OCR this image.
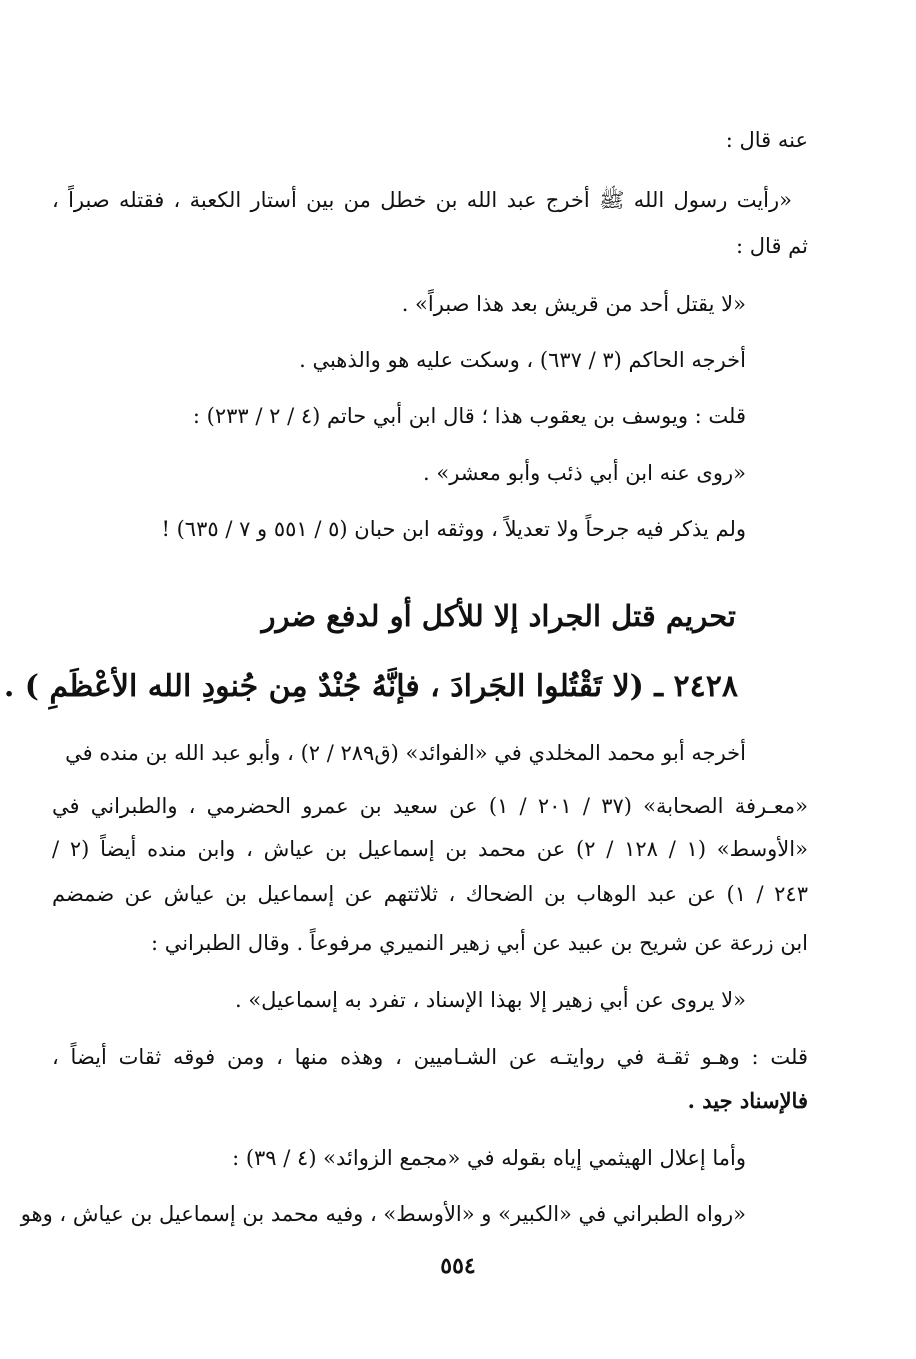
عنه قال :
«رأيت رسول الله ﷺ أخرج عبد الله بن خطل من بين أستار الكعبة ، فقتله صبراً ،
ثم قال :
«لا يقتل أحد من قريش بعد هذا صبراً» .
أخرجه الحاكم (٣ / ٦٣٧) ، وسكت عليه هو والذهبي .
قلت : ويوسف بن يعقوب هذا ؛ قال ابن أبي حاتم (٤ / ٢ / ٢٣٣) :
«روى عنه ابن أبي ذئب وأبو معشر» .
ولم يذكر فيه جرحاً ولا تعديلاً ، ووثقه ابن حبان (٥ / ٥٥١ و ٧ / ٦٣٥) !
تحريم قتل الجراد إلا للأكل أو لدفع ضرر
٢٤٢٨ ـ (لا تَقْتُلوا الجَرادَ ، فإنَّهُ جُنْدٌ مِن جُنودِ الله الأعْظَمِ ) .
أخرجه أبو محمد المخلدي في «الفوائد» (ق٢٨٩ / ٢) ، وأبو عبد الله بن منده في
«معـرفة الصحابة» (٣٧ / ٢٠١ / ١) عن سعيد بن عمرو الحضرمي ، والطبراني في
«الأوسط» (١ / ١٢٨ / ٢) عن محمد بن إسماعيل بن عياش ، وابن منده أيضاً (٢ /
٢٤٣ / ١) عن عبد الوهاب بن الضحاك ، ثلاثتهم عن إسماعيل بن عياش عن ضمضم
ابن زرعة عن شريح بن عبيد عن أبي زهير النميري مرفوعاً . وقال الطبراني :
«لا يروى عن أبي زهير إلا بهذا الإسناد ، تفرد به إسماعيل» .
قلت : وهـو ثقـة في روايتـه عن الشـاميين ، وهذه منها ، ومن فوقه ثقات أيضاً ،
فالإسناد جيد .
وأما إعلال الهيثمي إياه بقوله في «مجمع الزوائد» (٤ / ٣٩) :
«رواه الطبراني في «الكبير» و «الأوسط» ، وفيه محمد بن إسماعيل بن عياش ، وهو
٥٥٤
